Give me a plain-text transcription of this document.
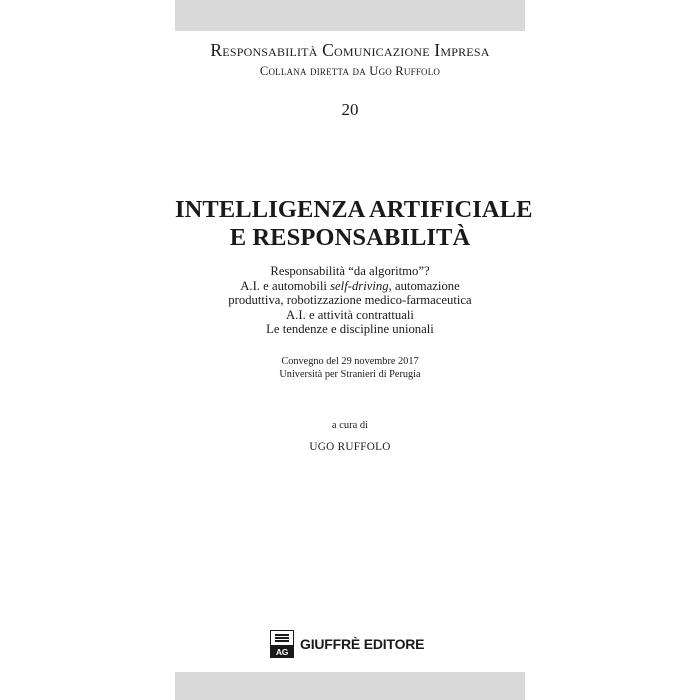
Responsabilità Comunicazione Impresa
Collana diretta da Ugo Ruffolo
20
INTELLIGENZA ARTIFICIALE
E RESPONSABILITÀ
Responsabilità “da algoritmo”?
A.I. e automobili self-driving, automazione
produttiva, robotizzazione medico-farmaceutica
A.I. e attività contrattuali
Le tendenze e discipline unionali
Convegno del 29 novembre 2017
Università per Stranieri di Perugia
a cura di
UGO RUFFOLO
AG GIUFFRÈ EDITORE
